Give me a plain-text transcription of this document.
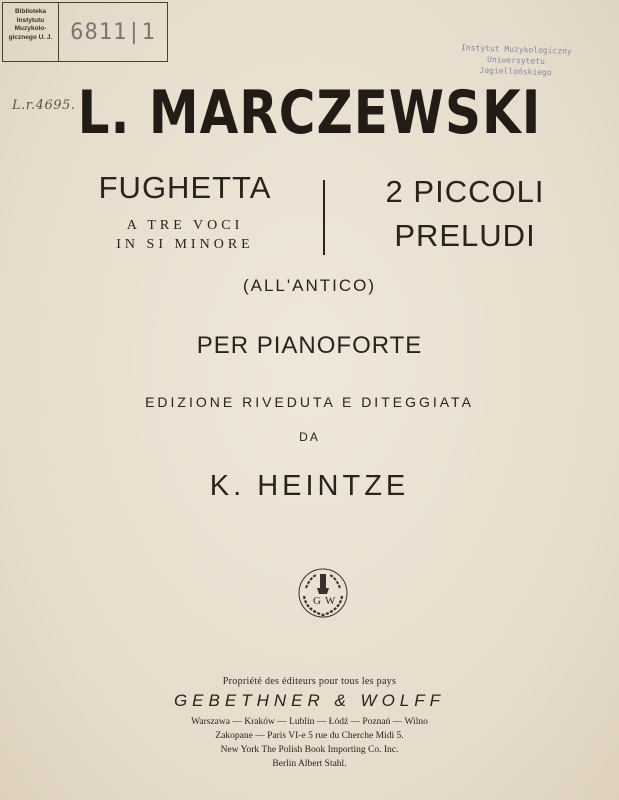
Biblioteka
Instytutu
Muzykolo-
gicznego U. J. 6811|1
L.r.4695.
Instytut Muzykologiczny
Uniwersytetu Jagiellońskiego
L. MARCZEWSKI
FUGHETTA
A TRE VOCI
IN SI MINORE
2 PICCOLI
PRELUDI
(ALL'ANTICO)
PER PIANOFORTE
EDIZIONE RIVEDUTA E DITEGGIATA
DA
K. HEINTZE
G W
Propriété des éditeurs pour tous les pays
GEBETHNER & WOLFF
Warszawa — Kraków — Lublin — Łódź — Poznań — Wilno
Zakopane — Paris VI-e 5 rue du Cherche Midi 5.
New York The Polish Book Importing Co. Inc.
Berlin Albert Stahl.
